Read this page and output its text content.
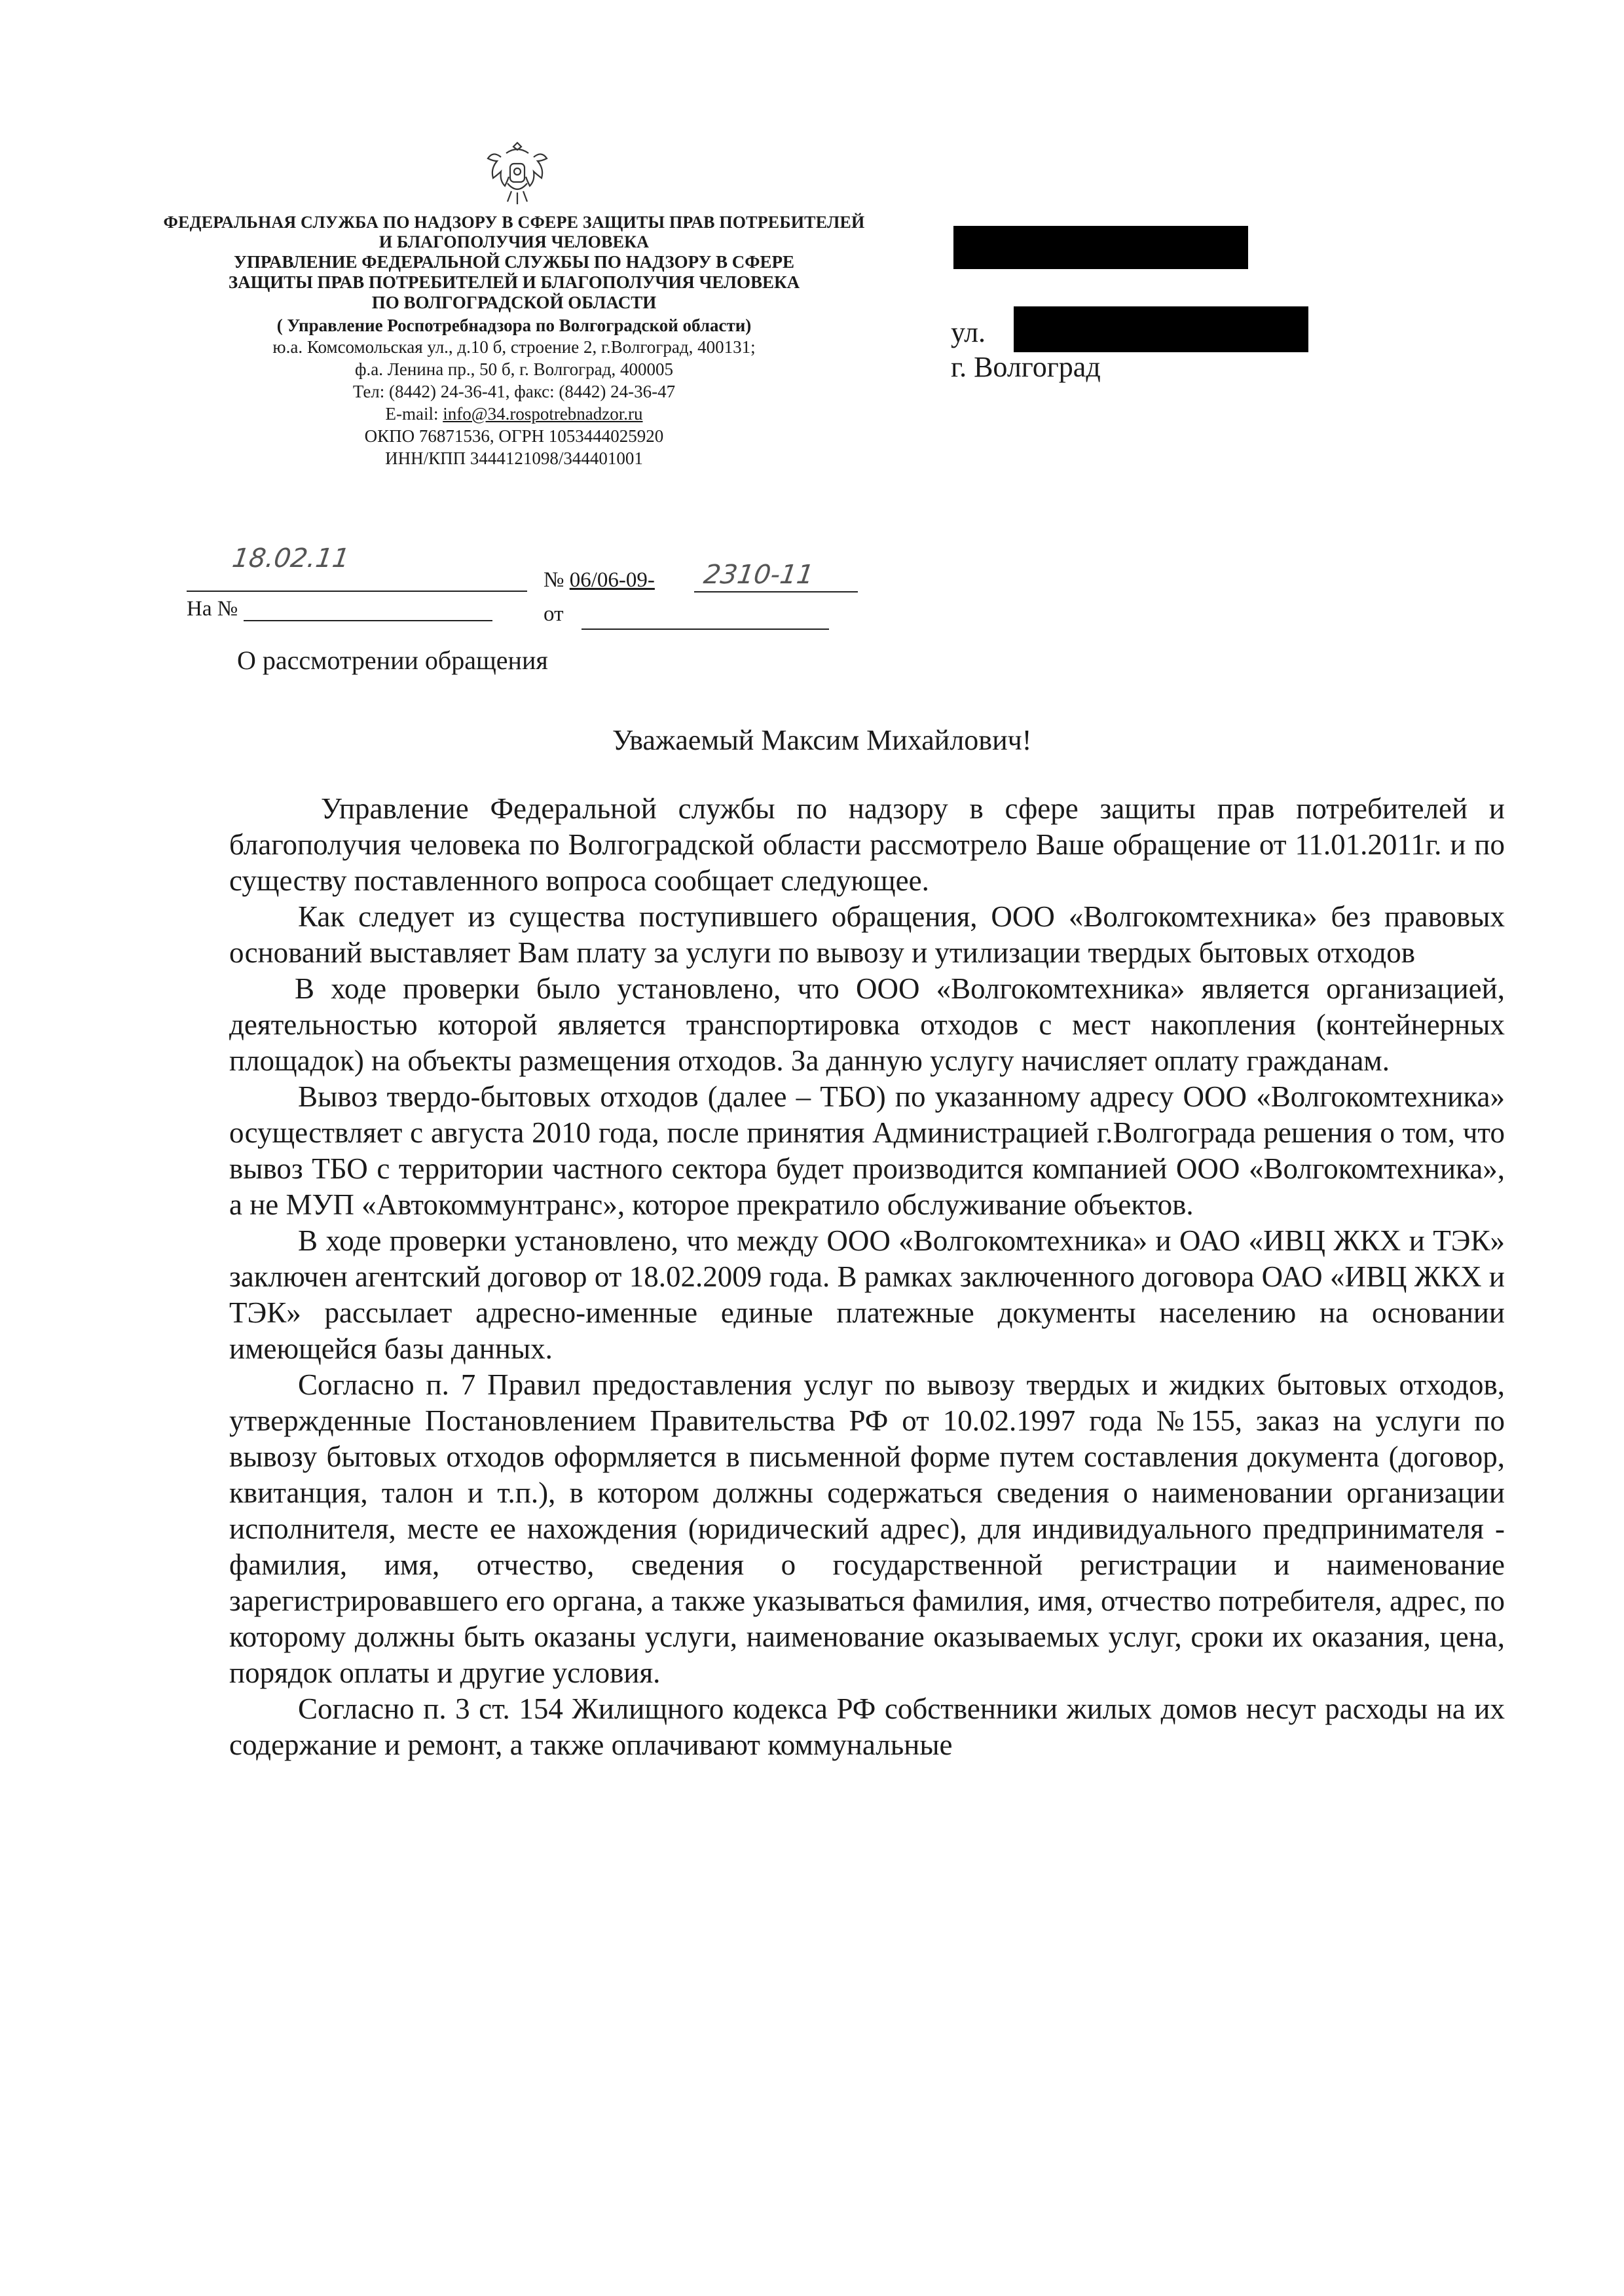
ФЕДЕРАЛЬНАЯ СЛУЖБА ПО НАДЗОРУ В СФЕРЕ ЗАЩИТЫ ПРАВ ПОТРЕБИТЕЛЕЙ
И БЛАГОПОЛУЧИЯ ЧЕЛОВЕКА
УПРАВЛЕНИЕ ФЕДЕРАЛЬНОЙ СЛУЖБЫ ПО НАДЗОРУ В СФЕРЕ
ЗАЩИТЫ ПРАВ ПОТРЕБИТЕЛЕЙ И БЛАГОПОЛУЧИЯ ЧЕЛОВЕКА
ПО ВОЛГОГРАДСКОЙ ОБЛАСТИ
( Управление Роспотребнадзора по Волгоградской области)
ю.а. Комсомольская ул., д.10 б, строение 2, г.Волгоград, 400131;
ф.а. Ленина пр., 50 б, г. Волгоград, 400005
Тел: (8442) 24-36-41, факс: (8442) 24-36-47
E-mail: info@34.rospotrebnadzor.ru
ОКПО 76871536, ОГРН 1053444025920
ИНН/КПП 3444121098/344401001
ул.
г. Волгоград
18.02.11
№ 06/06-09- 2310-11
На №	от
О рассмотрении обращения
Уважаемый Максим Михайлович!

Управление Федеральной службы по надзору в сфере защиты прав потребителей и благополучия человека по Волгоградской области рассмотрело Ваше обращение от 11.01.2011г. и по существу поставленного вопроса сообщает следующее.

Как следует из существа поступившего обращения, ООО «Волгокомтехника» без правовых оснований выставляет Вам плату за услуги по вывозу и утилизации твердых бытовых отходов

В ходе проверки было установлено, что ООО «Волгокомтехника» является организацией, деятельностью которой является транспортировка отходов с мест накопления (контейнерных площадок) на объекты размещения отходов. За данную услугу начисляет оплату гражданам.

Вывоз твердо-бытовых отходов (далее – ТБО) по указанному адресу ООО «Волгокомтехника» осуществляет с августа 2010 года, после принятия Администрацией г.Волгограда решения о том, что вывоз ТБО с территории частного сектора будет производится компанией ООО «Волгокомтехника», а не МУП «Автокоммунтранс», которое прекратило обслуживание объектов.

В ходе проверки установлено, что между ООО «Волгокомтехника» и ОАО «ИВЦ ЖКХ и ТЭК» заключен агентский договор от 18.02.2009 года. В рамках заключенного договора ОАО «ИВЦ ЖКХ и ТЭК» рассылает адресно-именные единые платежные документы населению на основании имеющейся базы данных.

Согласно п. 7 Правил предоставления услуг по вывозу твердых и жидких бытовых отходов, утвержденные Постановлением Правительства РФ от 10.02.1997 года №155, заказ на услуги по вывозу бытовых отходов оформляется в письменной форме путем составления документа (договор, квитанция, талон и т.п.), в котором должны содержаться сведения о наименовании организации исполнителя, месте ее нахождения (юридический адрес), для индивидуального предпринимателя - фамилия, имя, отчество, сведения о государственной регистрации и наименование зарегистрировавшего его органа, а также указываться фамилия, имя, отчество потребителя, адрес, по которому должны быть оказаны услуги, наименование оказываемых услуг, сроки их оказания, цена, порядок оплаты и другие условия.

Согласно п. 3 ст. 154 Жилищного кодекса РФ собственники жилых домов несут расходы на их содержание и ремонт, а также оплачивают коммунальные
